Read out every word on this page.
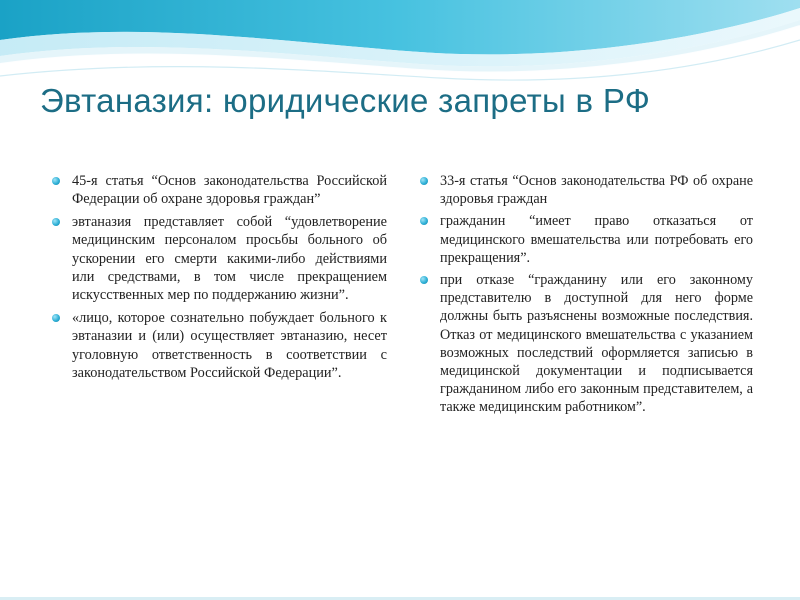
Эвтаназия: юридические запреты в РФ

45-я статья “Основ законодательства Российской Федерации об охране здоровья граждан”

эвтаназия представляет собой “удовлетворение медицинским персоналом просьбы больного об ускорении его смерти какими-либо действиями или средствами, в том числе прекращением искусственных мер по поддержанию жизни”.

«лицо, которое сознательно побуждает больного к эвтаназии и (или) осуществляет эвтаназию, несет уголовную ответственность в соответствии с законодательством Российской Федерации”.

33-я статья “Основ законодательства РФ об охране здоровья граждан

гражданин “имеет право отказаться от медицинского вмешательства или потребовать его прекращения”.

при отказе “гражданину или его законному представителю в доступной для него форме должны быть разъяснены возможные последствия. Отказ от медицинского вмешательства с указанием возможных последствий оформляется записью в медицинской документации и подписывается гражданином либо его законным представителем, а также медицинским работником”.
